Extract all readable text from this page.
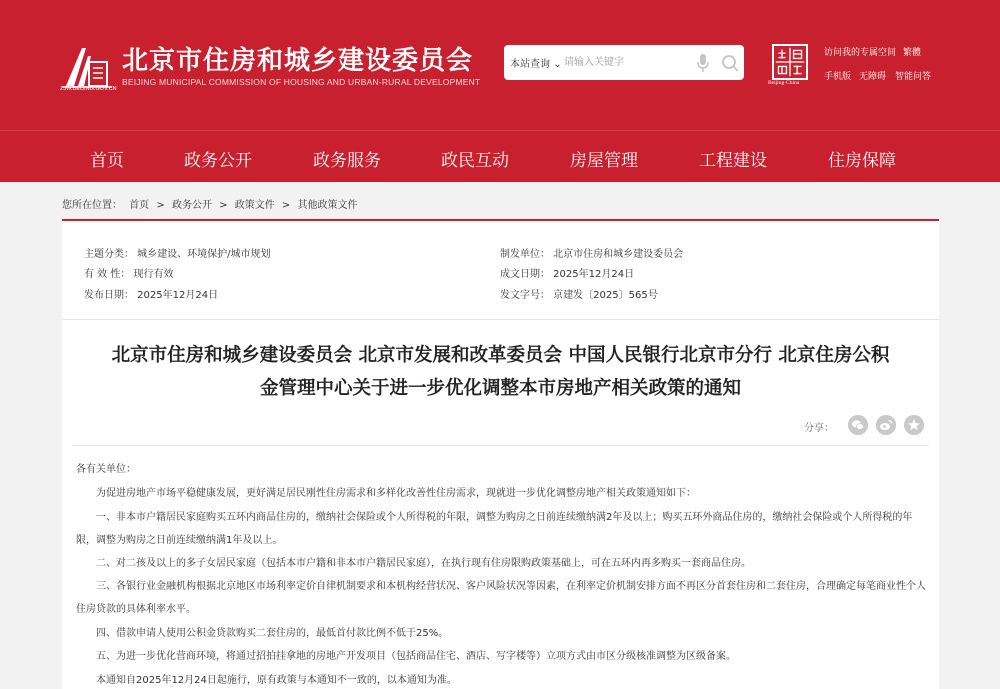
北京市住房和城乡建设委员会
BEIJING MUNICIPAL COMMISSION OF HOUSING AND URBAN-RURAL DEVELOPMENT
ZJW.BEIJING.GOV.CN
本站查询 ⌄
请输入关键字
Beijing·China
访问我的专属空间 繁體
手机版 无障碍 智能问答
首页	政务公开	政务服务	政民互动	房屋管理	工程建设	住房保障
您所在位置： 首页 > 政务公开 > 政策文件 > 其他政策文件
主题分类： 城乡建设、环境保护/城市规划
有 效 性： 现行有效
发布日期： 2025年12月24日
制发单位： 北京市住房和城乡建设委员会
成文日期： 2025年12月24日
发文字号： 京建发〔2025〕565号
北京市住房和城乡建设委员会 北京市发展和改革委员会 中国人民银行北京市分行 北京住房公积
金管理中心关于进一步优化调整本市房地产相关政策的通知
分享：
各有关单位：
　　为促进房地产市场平稳健康发展，更好满足居民刚性住房需求和多样化改善性住房需求，现就进一步优化调整房地产相关政策通知如下：
　　一、非本市户籍居民家庭购买五环内商品住房的，缴纳社会保险或个人所得税的年限，调整为购房之日前连续缴纳满2年及以上；购买五环外商品住房的，缴纳社会保险或个人所得税的年限，调整为购房之日前连续缴纳满1年及以上。
　　二、对二孩及以上的多子女居民家庭（包括本市户籍和非本市户籍居民家庭），在执行现有住房限购政策基础上，可在五环内再多购买一套商品住房。
　　三、各银行业金融机构根据北京地区市场利率定价自律机制要求和本机构经营状况、客户风险状况等因素，在利率定价机制安排方面不再区分首套住房和二套住房，合理确定每笔商业性个人住房贷款的具体利率水平。
　　四、借款申请人使用公积金贷款购买二套住房的，最低首付款比例不低于25%。
　　五、为进一步优化营商环境，将通过招拍挂拿地的房地产开发项目（包括商品住宅、酒店、写字楼等）立项方式由市区分级核准调整为区级备案。
　　本通知自2025年12月24日起施行，原有政策与本通知不一致的，以本通知为准。
